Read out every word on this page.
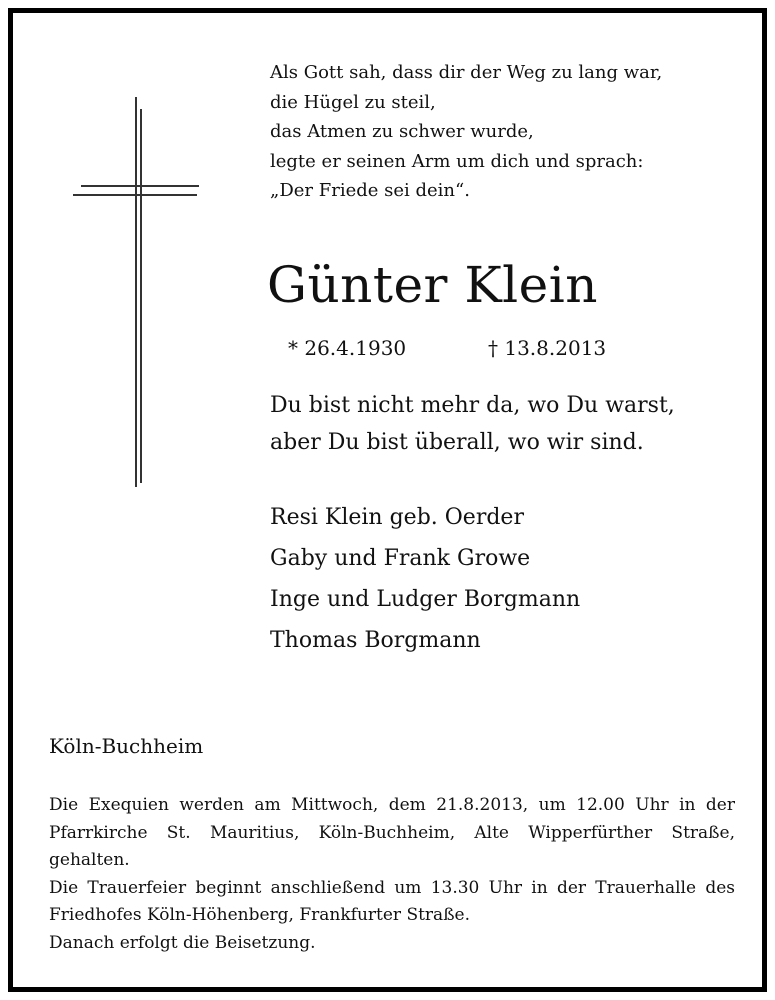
Als Gott sah, dass dir der Weg zu lang war,
die Hügel zu steil,
das Atmen zu schwer wurde,
legte er seinen Arm um dich und sprach:
„Der Friede sei dein“.
Günter Klein
* 26.4.1930	† 13.8.2013
Du bist nicht mehr da, wo Du warst,
aber Du bist überall, wo wir sind.
Resi Klein geb. Oerder
Gaby und Frank Growe
Inge und Ludger Borgmann
Thomas Borgmann
Köln-Buchheim
Die Exequien werden am Mittwoch, dem 21.8.2013, um 12.00 Uhr in der Pfarrkirche St. Mauritius, Köln-Buchheim, Alte Wipperfürther Straße, gehalten.
Die Trauerfeier beginnt anschließend um 13.30 Uhr in der Trauerhalle des Friedhofes Köln-Höhenberg, Frankfurter Straße.
Danach erfolgt die Beisetzung.
